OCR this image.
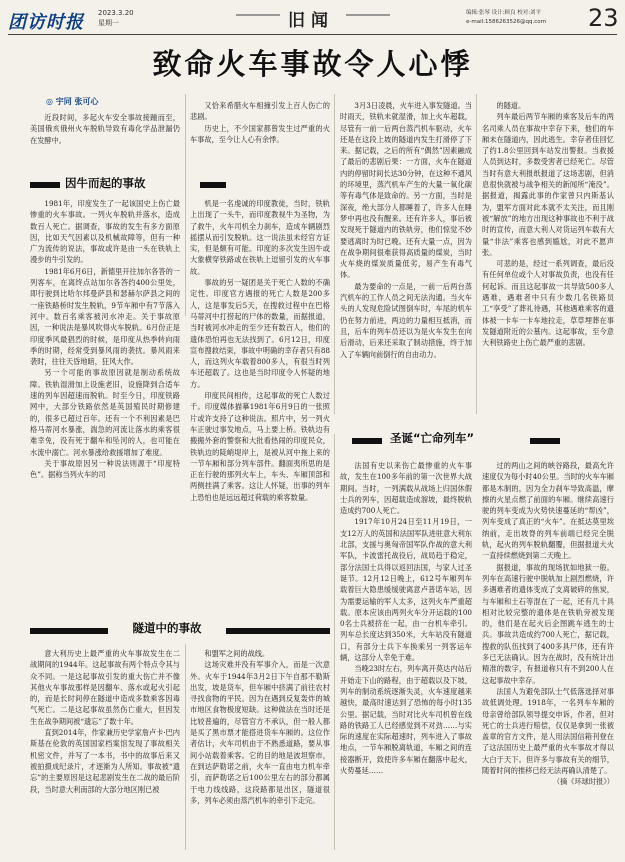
团访时报 2023.3.20
星期一	旧闻	编辑:张琴 设计:顾良 校对:刘平
e-mail:1586263526@qq.com 23
致命火车事故令人心悸
◎ 宇同 张可心

近段时间，多起火车安全事故接踵而至，美国俄亥俄州火车脱轨导致有毒化学品泄漏仍在发酵中。

因牛而起的事故

1981年，印度发生了一起该国史上伤亡最惨重的火车事故。一列火车脱轨并落水，造成数百人死亡。据调查，事故的发生有多方面原因，比如天气因素以及机械故障等，但有一种广为流传的说法，事故或许是由一头在铁轨上漫步的牛引发的。

1981年6月6日，新德里开往加尔各答的一列客车，在离终点站加尔各答约400公里处，即行驶到比哈尔邦曼萨县和瑟赫尔萨县之间的一座铁路桥时发生脱轨，9节车厢中有7节落入河中。数百名乘客被河水冲走。关于事故原因，一种说法是暴风吹得火车脱轨。6月份正是印度季风最猖烈的时候，是印度从热季转向雨季的时期，经常受到暴风雨的袭扰。暴风雨来袭时，往往天昏地暗，狂风大作。

另一个可能的事故原因就是制动系统故障。铁轨湿滑加上设施老旧，设施降到合适车速的列车因超速而脱轨。时至今日，印度铁路网中，大部分铁路依然是英国殖民时期修建的，很多已超过百年。还有一个不利因素是巴格马蒂河水暴涨，湍急的河流让落水的乘客很难幸免，没有死于翻车和坠河的人，也可能在水流中溺亡。河水暴涨给救援增加了难度。

关于事故原因另一种说法则源于“印度特色”。据称当列火车的司

又恰来希腊火车相撞引发上百人伤亡的悲剧。

历史上，不少国家都曾发生过严重的火车事故，至今让人心有余悸。

机是一名虔诚的印度教徒，当时，铁轨上出现了一头牛，而印度教视牛为圣物，为了救牛，火车司机全力刹车，造成车辆剧烈摇摆从而引发脱轨。这一说法虽未经官方证实，但是颇有可能。印度的多次发生因牛或大象横穿铁路或在铁轨上逗留引发的火车事故。

事故的另一疑团是关于死亡人数的不确定性。印度官方遇报的死亡人数是200多人，这是事发后5天，在搜救过程中在巴格马蒂河中打捞起的尸体的数量，而据报道，当时被河水冲走的至少还有数百人，他们的遗体恐怕再也无法找到了。6月12日，印度宣布搜救结束，事故中明确的幸存者只有88人，而这列火车载着800多人，有很当时列车还超载了。这也是当时印度令人怀疑的地方。

印度民间相传，这起事故的死亡人数过千。印度媒体描摹1981年6月9日的一张照片或许支持了这种说法。照片中，另一列火车正驶过事发地点，马上要上桥。铁轨边有搬搬外套的警察和大批看热闹的印度民众，铁轨边的陡峭堤岸上，是被从河中拖上来的一节车厢和部分列车部件。翻面夷所思的是正在行驶的那列火车上，车头、车厢顶部和两侧挂满了乘客。这让人怀疑，出事的列车上恐怕也是远远超过荷载的乘客数量。

3月3日凌晨，火车进入事发隧道。当时雨天，铁轨未就湿滑，加上火车超载，尽管有一前一后两台蒸汽机车驱动，火车还是在这段上坡的隧道内发生打滑停了下来。据记载，之后的所有“偶然”因素融成了最后的悲剧后果：一方面，火车在隧道内的停留时间长达30分钟，在这种不通风的环境里，蒸汽机车产生的大量一氧化碳等有毒气体是致命的。另一方面，当时是深夜，绝大部分人都睡着了，许多人在睡梦中再也没有醒来。还有许多人，事后被发现死于隧道内的铁轨旁，他们惊觉不妙要逃离时为时已晚。还有大量一点，因为在战争期间很难获得高质量的煤炭，当时火车烧的煤炭质量低劣，易产生有毒气体。

最为要命的一点是，一前一后两台蒸汽机车的工作人员之间无法沟通。当火车头的人发现危险试图倒车时，车尾的机车仍在努力前进，两边的力量相互抵消，而且，后车的列车员还以为是火车发生在向后滑动，后来还采取了制动措施，终于加入了车辆向前倒行的自由动力。

的隧道。

列车最后两节车厢的乘客及后车的两名司乘人员在事故中幸存下来，他们的车厢未在隧道内，因此逃生。幸存者佳回忆了约1.8公里回到车站发出警报。当救援人员到达时，多数受害者已经死亡。尽管当时有意大利报纸报道了这场悲剧，但消息很快就被与战争相关的新闻所“淹没”。据报道，揭露此事的作家曾只内斯基认为，盟军方面对此本就不太关注，而且刚被“解放”的地方出现这种事故也不利于战时的宣传，而意大利人对货运列车载有大量“非法”乘客也感到尴尬，对此不愿声张。

可悲的是，经过一系列调查，最后没有任何单位或个人对事故负责，也没有任何起诉。而且这起事故一共导致500多人遇难，遇难者中只有少数几名铁路员工“享受”了葬礼待遇，其他遇难乘客的遗体被一卡车一卡车地拉走，草草埋葬在事发隧道附近的公墓内。这起事故，至今意大利铁路史上伤亡最严重的悲剧。

圣诞“亡命列车”

法国有史以来伤亡最惨重的火车事故，发生在100多年前的第一次世界大战期间。当时，一列满载从战场上归国休假士兵的列车，因超载造成溜坡，最终脱轨造成约700人死亡。

1917年10月24日至11月19日，一支12万人的英国和法国军队进驻意大利东北部，支援与奥匈帝国军队作战的意大利军队，卡波雷托战役后，战局趋于稳定，部分法国士兵得以返回法国，与家人过圣诞节。12月12日晚上，612号车厢列车载着巨大隐患缓缓驶离意卢普诺车站，因为需要运输的军人太多，这列火车严重超载。原本应该由两列火车分开运载的1000名士兵被挤在一起，由一台机车牵引。列车总长度达到350米，大车站没有隧道口，有部分士兵下车换乘另一列客运车辆，这部分人幸免于难。

当晚23时左右，列车离开莫达内站后开始走下山的路程，由于超载以及下坡，列车的制动系统逐渐失灵，火车速度越来越快，最高时速达到了恐怖的每小时135公里。据记载，当时对比火车司机曾在线路的铁路工人已经感觉到不对劲……与实际的速度在实际超速时，列车进入了事故地点，一节车厢脱离轨道，车厢之间的连接器断开，致使许多车厢在翻落中起火，火势蔓延……

过的两山之间的峡谷路段，最高允许速度仅为每小时40公里。当时的火车车厢都是木制的，因为全力刹车导致高温，摩擦的火星点燃了前面的车厢。继续高速行驶的列车变成为火势快速蔓延的“帮凶”，列车变成了真正的“火车”。在抵达莫里埃纳前，走出坡脊的列车前端已经完全脱轨，起火的列车脱轨翻覆，但据报道大火一直持续燃烧到第二天晚上。

据报道，事故的现场犹如地狱一般。列车在高速行驶中脱轨加上剧烈燃烧，许多遇难者的遗体变成了支离破碎的焦炭，与车厢和土石等混在了一起，还有几十具相对比较完整的遗体是在铁轨旁被发现的，他们是在起火后企图跳车逃生的士兵。事故共造成约700人死亡，据记载，搜救的队伍找到了400多具尸体，还有许多已无法确认。因为在战时，没有统计出精准的数字，有报道称只有不到200人在这起事故中幸存。

法国人为避免部队士气低落选择对事故低调处理。1918年，一名列车车厢的母亲曾给部队领导提交申诉，作者，但对死亡的士兵进行赔偿，仅仅是拿到一张被盖章的官方文件，是人用法国信箱刊登在了这法国历史上最严重的火车事故才得以大白于天下。但许多与事故有关的细节，随着时间的推移已经无法再确认清楚了。

（摘《环球时报》）

隧道中的事故

意大利历史上最严重的火车事故发生在二战期间的1944年。这起事故有两个特点令其与众不同。一是这起事故引发的重大伤亡并不像其他火车事故那样是因翻车、落水或起火引起的，而是长时间停在隧道中造成多数乘客因毒气死亡。二是这起事故虽然伤亡重大，但因发生在战争期间被“遗忘”了数十年。

直到2014年，作家兼历史学家詹卢卡·巴内斯基在伦敦的英国国家档案馆发现了事故相关机密文件，并写了一本书，书中的故事后来又被拍摄成纪录片，才逐渐为人所知。事故被“遗忘”的主要原因是这起悲剧发生在二战的最后阶段，当时意大利南部的大部分地区刚已被

和盟军之间的战线。

这场灾难并没有军事介入，而是一次意外。火车于1944年3月2日下午自那不勒斯出发，坡是货车，但车厢中挤满了前往农村寻找食物的平民。因为在遇到反复轰炸的城市地区食物极度短缺。这种做法在当时还是比较普遍的，尽管官方不承认，但一般人都是买了黑市票才能搭进货车车厢的。这位作者估计，火车司机由于不熟悉道路，要从事间小站载着乘客。它的目的地是波坦察市，在到达萨勒诺之前，火车一直由电力机车牵引，而萨勒诺之后100公里左右的部分都属于电力线线路，这段路都是出区，隧道很多，列车必须由蒸汽机车的牵引下走完。
